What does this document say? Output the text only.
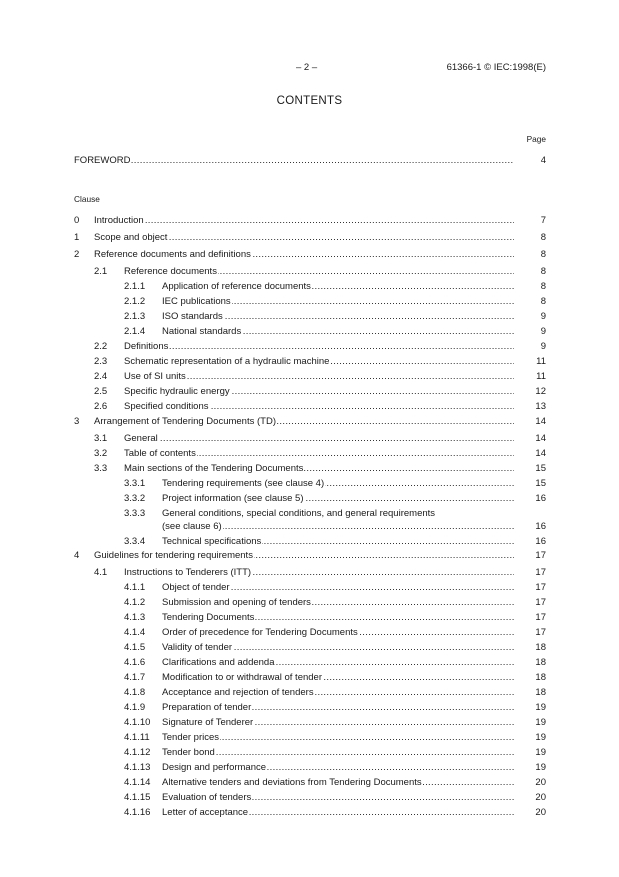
– 2 –	61366-1 © IEC:1998(E)
CONTENTS
Page
Clause
FOREWORD .....	4
0 Introduction .....	7
1 Scope and object .....	8
2 Reference documents and definitions .....	8
2.1 Reference documents .....	8
2.1.1 Application of reference documents .....	8
2.1.2 IEC publications .....	8
2.1.3 ISO standards .....	9
2.1.4 National standards .....	9
2.2 Definitions .....	9
2.3 Schematic representation of a hydraulic machine .....	11
2.4 Use of SI units .....	11
2.5 Specific hydraulic energy .....	12
2.6 Specified conditions .....	13
3 Arrangement of Tendering Documents (TD) .....	14
3.1 General .....	14
3.2 Table of contents .....	14
3.3 Main sections of the Tendering Documents .....	15
3.3.1 Tendering requirements (see clause 4) .....	15
3.3.2 Project information (see clause 5) .....	16
3.3.3 General conditions, special conditions, and general requirements
(see clause 6)
.....	16
3.3.4 Technical specifications .....	16
4 Guidelines for tendering requirements .....	17
4.1 Instructions to Tenderers (ITT) .....	17
4.1.1 Object of tender .....	17
4.1.2 Submission and opening of tenders .....	17
4.1.3 Tendering Documents .....	17
4.1.4 Order of precedence for Tendering Documents .....	17
4.1.5 Validity of tender .....	18
4.1.6 Clarifications and addenda .....	18
4.1.7 Modification to or withdrawal of tender .....	18
4.1.8 Acceptance and rejection of tenders .....	18
4.1.9 Preparation of tender .....	19
4.1.10 Signature of Tenderer .....	19
4.1.11 Tender prices .....	19
4.1.12 Tender bond .....	19
4.1.13 Design and performance .....	19
4.1.14 Alternative tenders and deviations from Tendering Documents .....	20
4.1.15 Evaluation of tenders .....	20
4.1.16 Letter of acceptance .....	20
